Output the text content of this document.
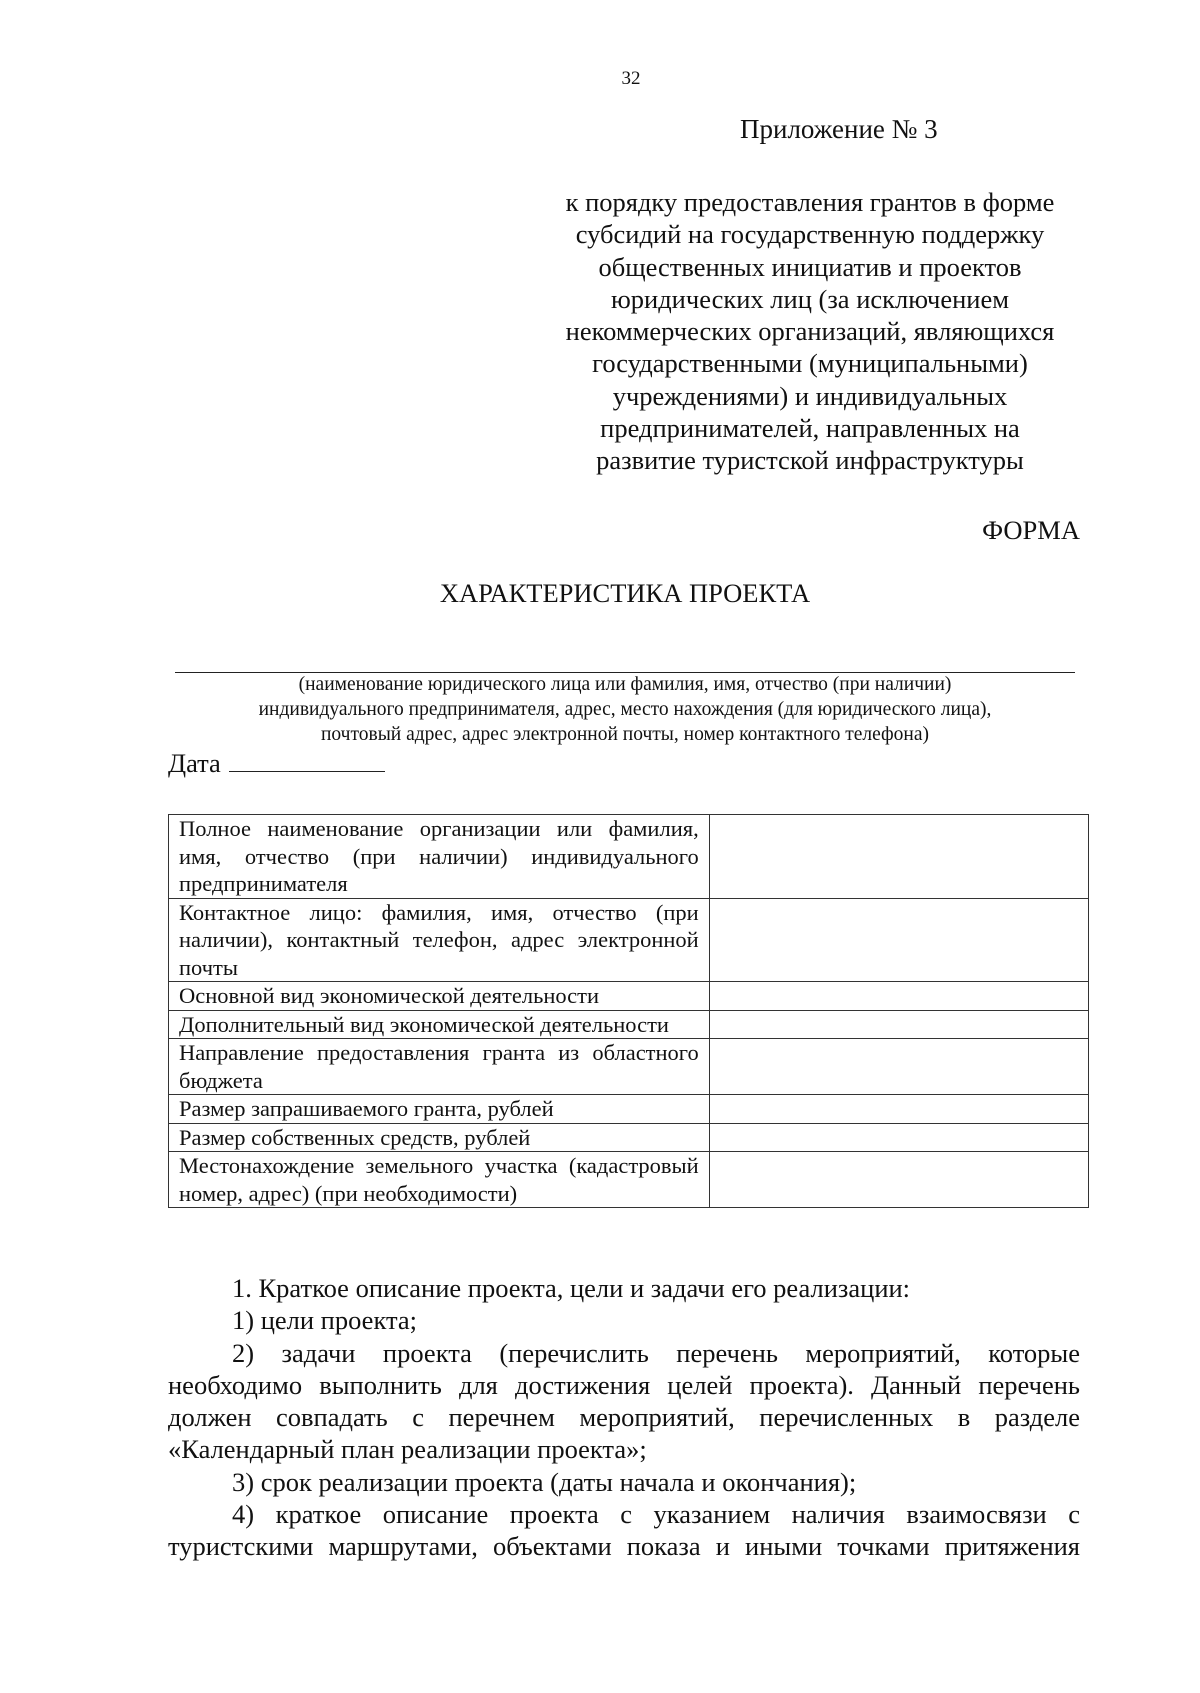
32
Приложение № 3
к порядку предоставления грантов в форме
субсидий на государственную поддержку
общественных инициатив и проектов
юридических лиц (за исключением
некоммерческих организаций, являющихся
государственными (муниципальными)
учреждениями) и индивидуальных
предпринимателей, направленных на
развитие туристской инфраструктуры
ФОРМА
ХАРАКТЕРИСТИКА ПРОЕКТА
(наименование юридического лица или фамилия, имя, отчество (при наличии)
индивидуального предпринимателя, адрес, место нахождения (для юридического лица),
почтовый адрес, адрес электронной почты, номер контактного телефона)
Дата
Полное наименование организации или фамилия, имя, отчество (при наличии) индивидуального предпринимателя	
Контактное лицо: фамилия, имя, отчество (при наличии), контактный телефон, адрес электронной почты	
Основной вид экономической деятельности	
Дополнительный вид экономической деятельности	
Направление предоставления гранта из областного бюджета	
Размер запрашиваемого гранта, рублей	
Размер собственных средств, рублей	
Местонахождение земельного участка (кадастровый номер, адрес) (при необходимости)	

1. Краткое описание проекта, цели и задачи его реализации:

1) цели проекта;

2) задачи проекта (перечислить перечень мероприятий, которые необходимо выполнить для достижения целей проекта). Данный перечень должен совпадать с перечнем мероприятий, перечисленных в разделе «Календарный план реализации проекта»;

3) срок реализации проекта (даты начала и окончания);

4) краткое описание проекта с указанием наличия взаимосвязи с туристскими маршрутами, объектами показа и иными точками притяжения
